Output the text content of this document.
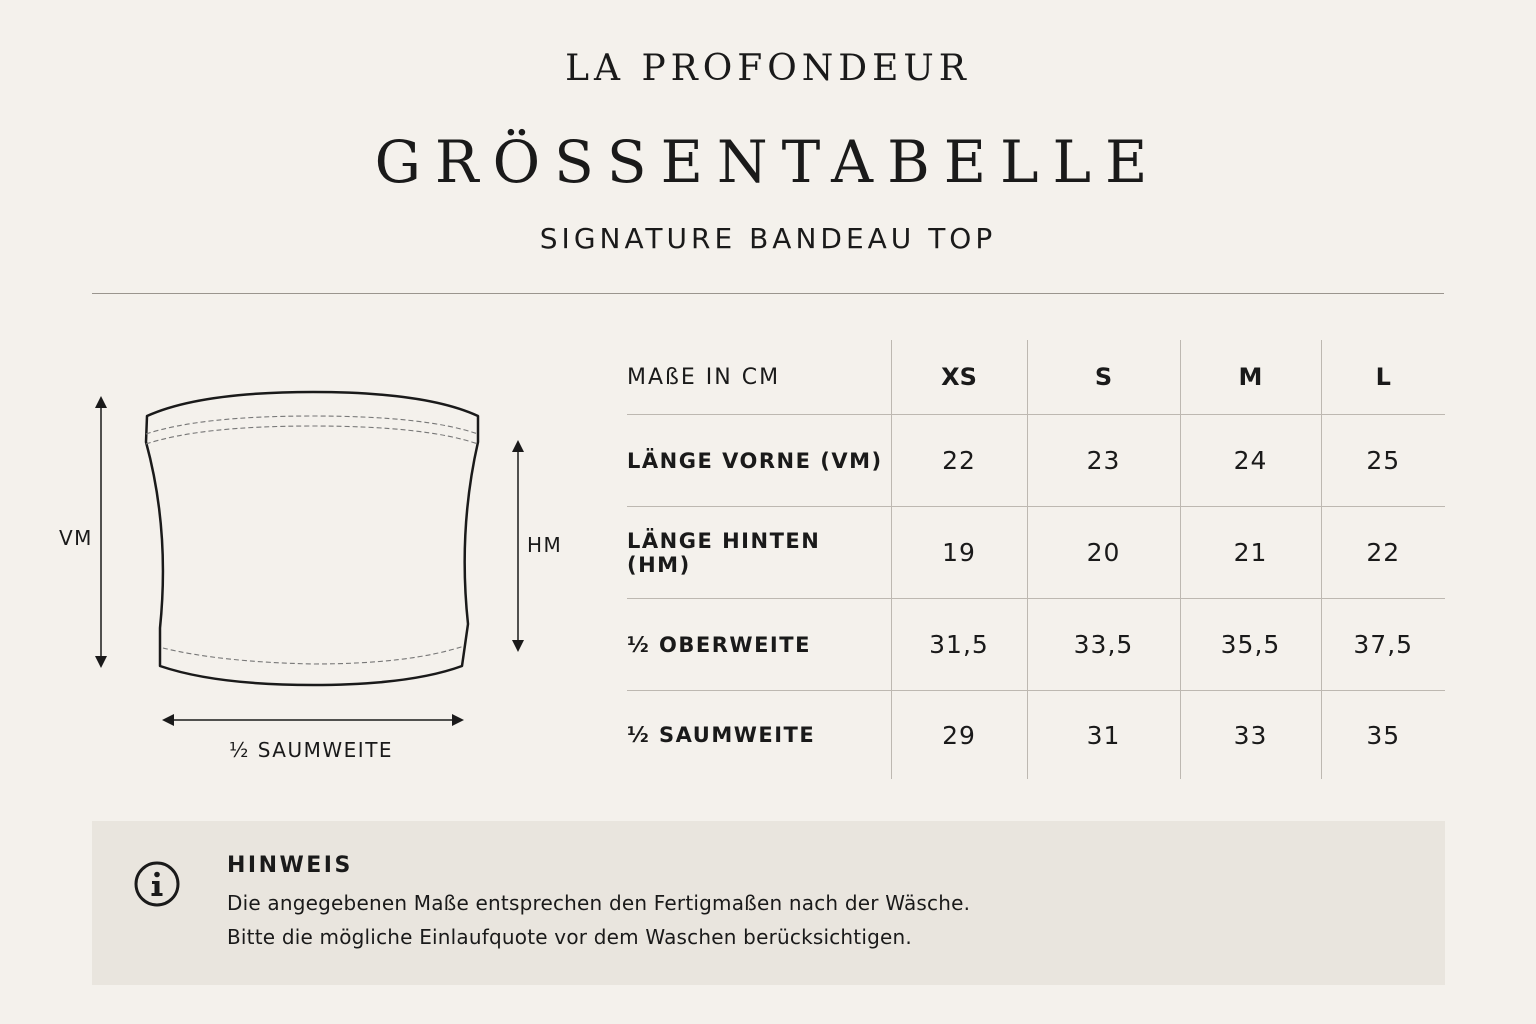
LA PROFONDEUR
GRÖSSENTABELLE
SIGNATURE BANDEAU TOP
VM	HM
½ SAUMWEITE
MAßE IN CM	XS	S	M	L
LÄNGE VORNE (VM)	22	23	24	25
LÄNGE HINTEN (HM)	19	20	21	22
½ OBERWEITE	31,5	33,5	35,5	37,5
½ SAUMWEITE	29	31	33	35
HINWEIS
Die angegebenen Maße entsprechen den Fertigmaßen nach der Wäsche.
Bitte die mögliche Einlaufquote vor dem Waschen berücksichtigen.
